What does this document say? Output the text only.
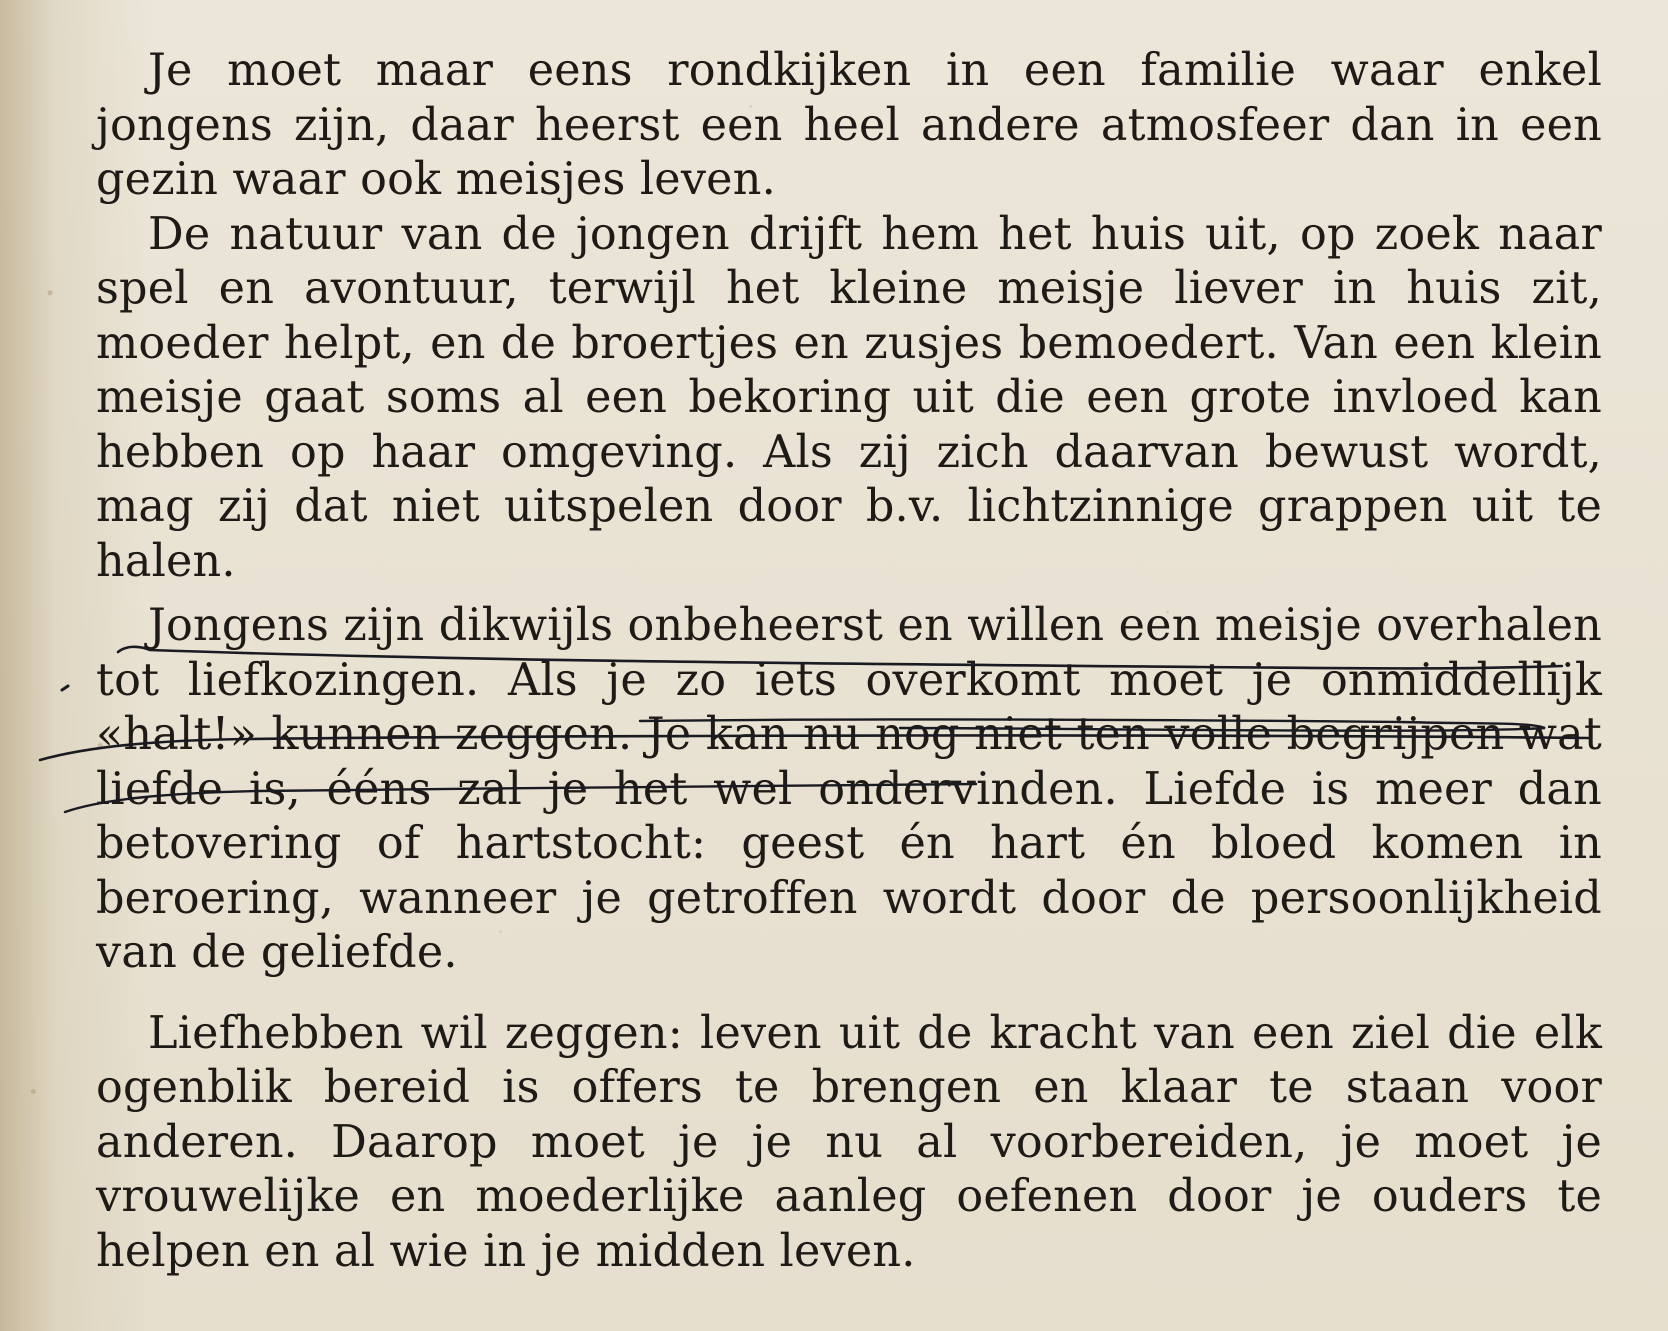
Je moet maar eens rondkijken in een familie waar enkel jongens zijn, daar heerst een heel andere atmosfeer dan in een gezin waar ook meisjes leven.

De natuur van de jongen drijft hem het huis uit, op zoek naar spel en avontuur, terwijl het kleine meisje liever in huis zit, moeder helpt, en de broertjes en zusjes bemoedert. Van een klein meisje gaat soms al een bekoring uit die een grote invloed kan hebben op haar omgeving. Als zij zich daarvan bewust wordt, mag zij dat niet uitspelen door b.v. lichtzinnige grappen uit te halen.

Jongens zijn dikwijls onbeheerst en willen een meisje overhalen tot liefkozingen. Als je zo iets overkomt moet je onmiddellijk «halt!» kunnen zeggen. Je kan nu nog niet ten volle begrijpen wat liefde is, ééns zal je het wel ondervinden. Liefde is meer dan betovering of hartstocht: geest én hart én bloed komen in beroering, wanneer je getroffen wordt door de persoonlijkheid van de geliefde.

Liefhebben wil zeggen: leven uit de kracht van een ziel die elk ogenblik bereid is offers te brengen en klaar te staan voor anderen. Daarop moet je je nu al voorbereiden, je moet je vrouwelijke en moederlijke aanleg oefenen door je ouders te helpen en al wie in je midden leven.
